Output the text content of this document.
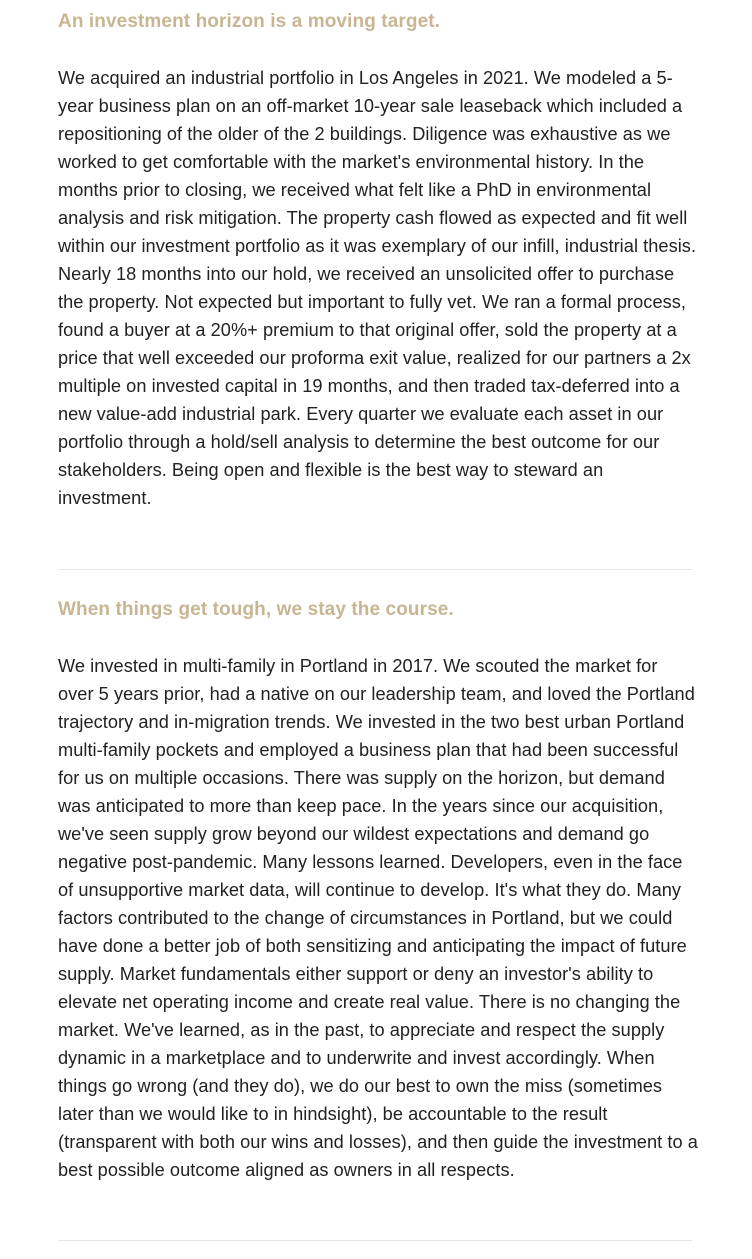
An investment horizon is a moving target.

We acquired an industrial portfolio in Los Angeles in 2021. We modeled a 5-year business plan on an off-market 10-year sale leaseback which included a repositioning of the older of the 2 buildings. Diligence was exhaustive as we worked to get comfortable with the market's environmental history. In the months prior to closing, we received what felt like a PhD in environmental analysis and risk mitigation. The property cash flowed as expected and fit well within our investment portfolio as it was exemplary of our infill, industrial thesis. Nearly 18 months into our hold, we received an unsolicited offer to purchase the property. Not expected but important to fully vet. We ran a formal process, found a buyer at a 20%+ premium to that original offer, sold the property at a price that well exceeded our proforma exit value, realized for our partners a 2x multiple on invested capital in 19 months, and then traded tax-deferred into a new value-add industrial park. Every quarter we evaluate each asset in our portfolio through a hold/sell analysis to determine the best outcome for our stakeholders. Being open and flexible is the best way to steward an investment.

When things get tough, we stay the course.

We invested in multi-family in Portland in 2017. We scouted the market for over 5 years prior, had a native on our leadership team, and loved the Portland trajectory and in-migration trends. We invested in the two best urban Portland multi-family pockets and employed a business plan that had been successful for us on multiple occasions. There was supply on the horizon, but demand was anticipated to more than keep pace. In the years since our acquisition, we've seen supply grow beyond our wildest expectations and demand go negative post-pandemic. Many lessons learned. Developers, even in the face of unsupportive market data, will continue to develop. It's what they do. Many factors contributed to the change of circumstances in Portland, but we could have done a better job of both sensitizing and anticipating the impact of future supply. Market fundamentals either support or deny an investor's ability to elevate net operating income and create real value. There is no changing the market. We've learned, as in the past, to appreciate and respect the supply dynamic in a marketplace and to underwrite and invest accordingly. When things go wrong (and they do), we do our best to own the miss (sometimes later than we would like to in hindsight), be accountable to the result (transparent with both our wins and losses), and then guide the investment to a best possible outcome aligned as owners in all respects.
